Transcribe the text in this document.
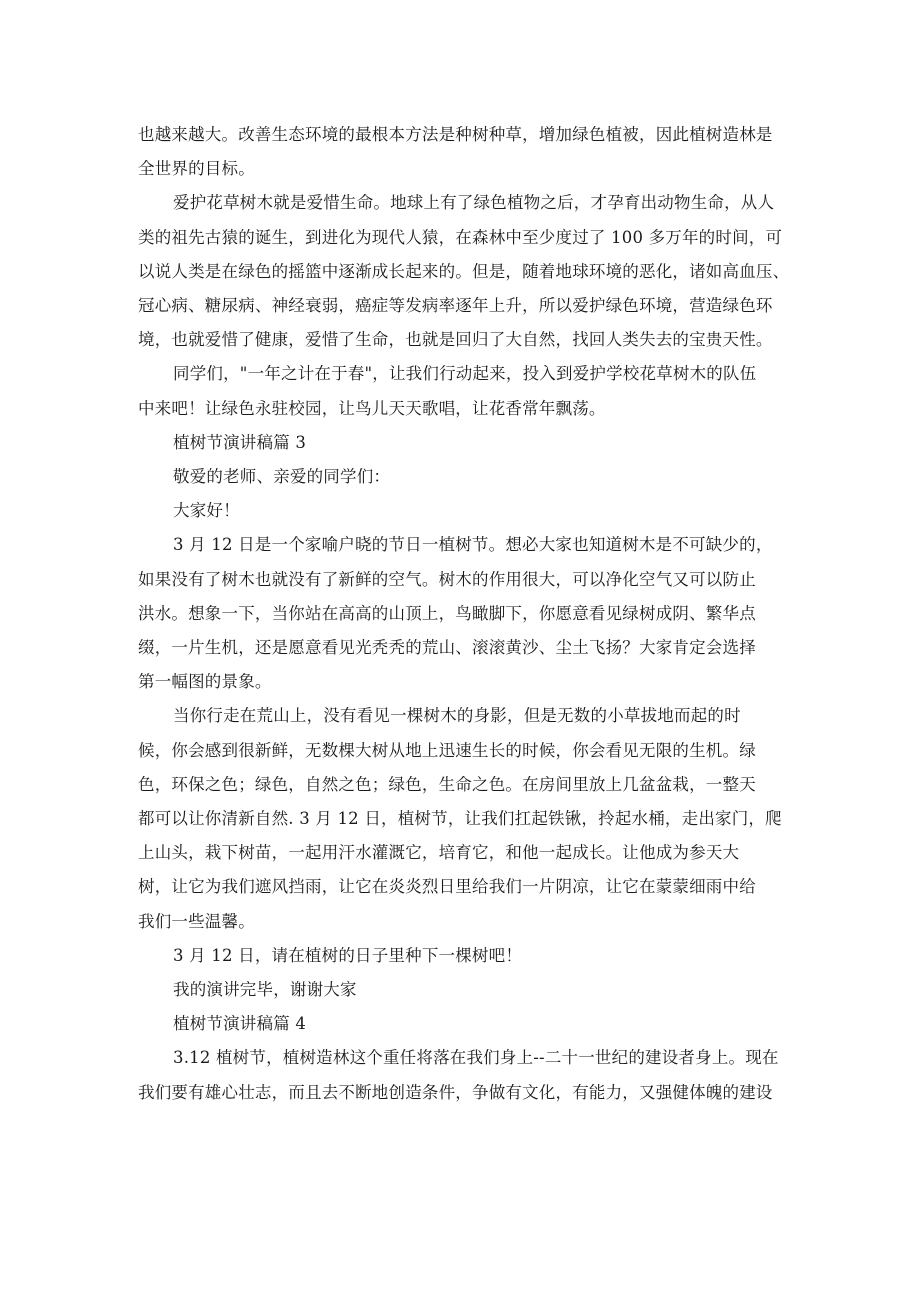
也越来越大。改善生态环境的最根本方法是种树种草，增加绿色植被，因此植树造林是
全世界的目标。
爱护花草树木就是爱惜生命。地球上有了绿色植物之后，才孕育出动物生命，从人
类的祖先古猿的诞生，到进化为现代人猿，在森林中至少度过了 100 多万年的时间，可
以说人类是在绿色的摇篮中逐渐成长起来的。但是，随着地球环境的恶化，诸如高血压、
冠心病、糖尿病、神经衰弱，癌症等发病率逐年上升，所以爱护绿色环境，营造绿色环
境，也就爱惜了健康，爱惜了生命，也就是回归了大自然，找回人类失去的宝贵天性。
同学们，"一年之计在于春"，让我们行动起来，投入到爱护学校花草树木的队伍
中来吧！让绿色永驻校园，让鸟儿天天歌唱，让花香常年飘荡。
植树节演讲稿篇 3
敬爱的老师、亲爱的同学们：
大家好！
3 月 12 日是一个家喻户晓的节日一植树节。想必大家也知道树木是不可缺少的，
如果没有了树木也就没有了新鲜的空气。树木的作用很大，可以净化空气又可以防止
洪水。想象一下，当你站在高高的山顶上，鸟瞰脚下，你愿意看见绿树成阴、繁华点
缀，一片生机，还是愿意看见光秃秃的荒山、滚滚黄沙、尘土飞扬？大家肯定会选择
第一幅图的景象。
当你行走在荒山上，没有看见一棵树木的身影，但是无数的小草拔地而起的时
候，你会感到很新鲜，无数棵大树从地上迅速生长的时候，你会看见无限的生机。绿
色，环保之色；绿色，自然之色；绿色，生命之色。在房间里放上几盆盆栽，一整天
都可以让你清新自然. 3 月 12 日，植树节，让我们扛起铁锹，拎起水桶，走出家门，爬
上山头，栽下树苗，一起用汗水灌溉它，培育它，和他一起成长。让他成为参天大
树，让它为我们遮风挡雨，让它在炎炎烈日里给我们一片阴凉，让它在蒙蒙细雨中给
我们一些温馨。
3 月 12 日，请在植树的日子里种下一棵树吧！
我的演讲完毕，谢谢大家
植树节演讲稿篇 4
3.12 植树节，植树造林这个重任将落在我们身上--二十一世纪的建设者身上。现在
我们要有雄心壮志，而且去不断地创造条件，争做有文化，有能力，又强健体魄的建设
